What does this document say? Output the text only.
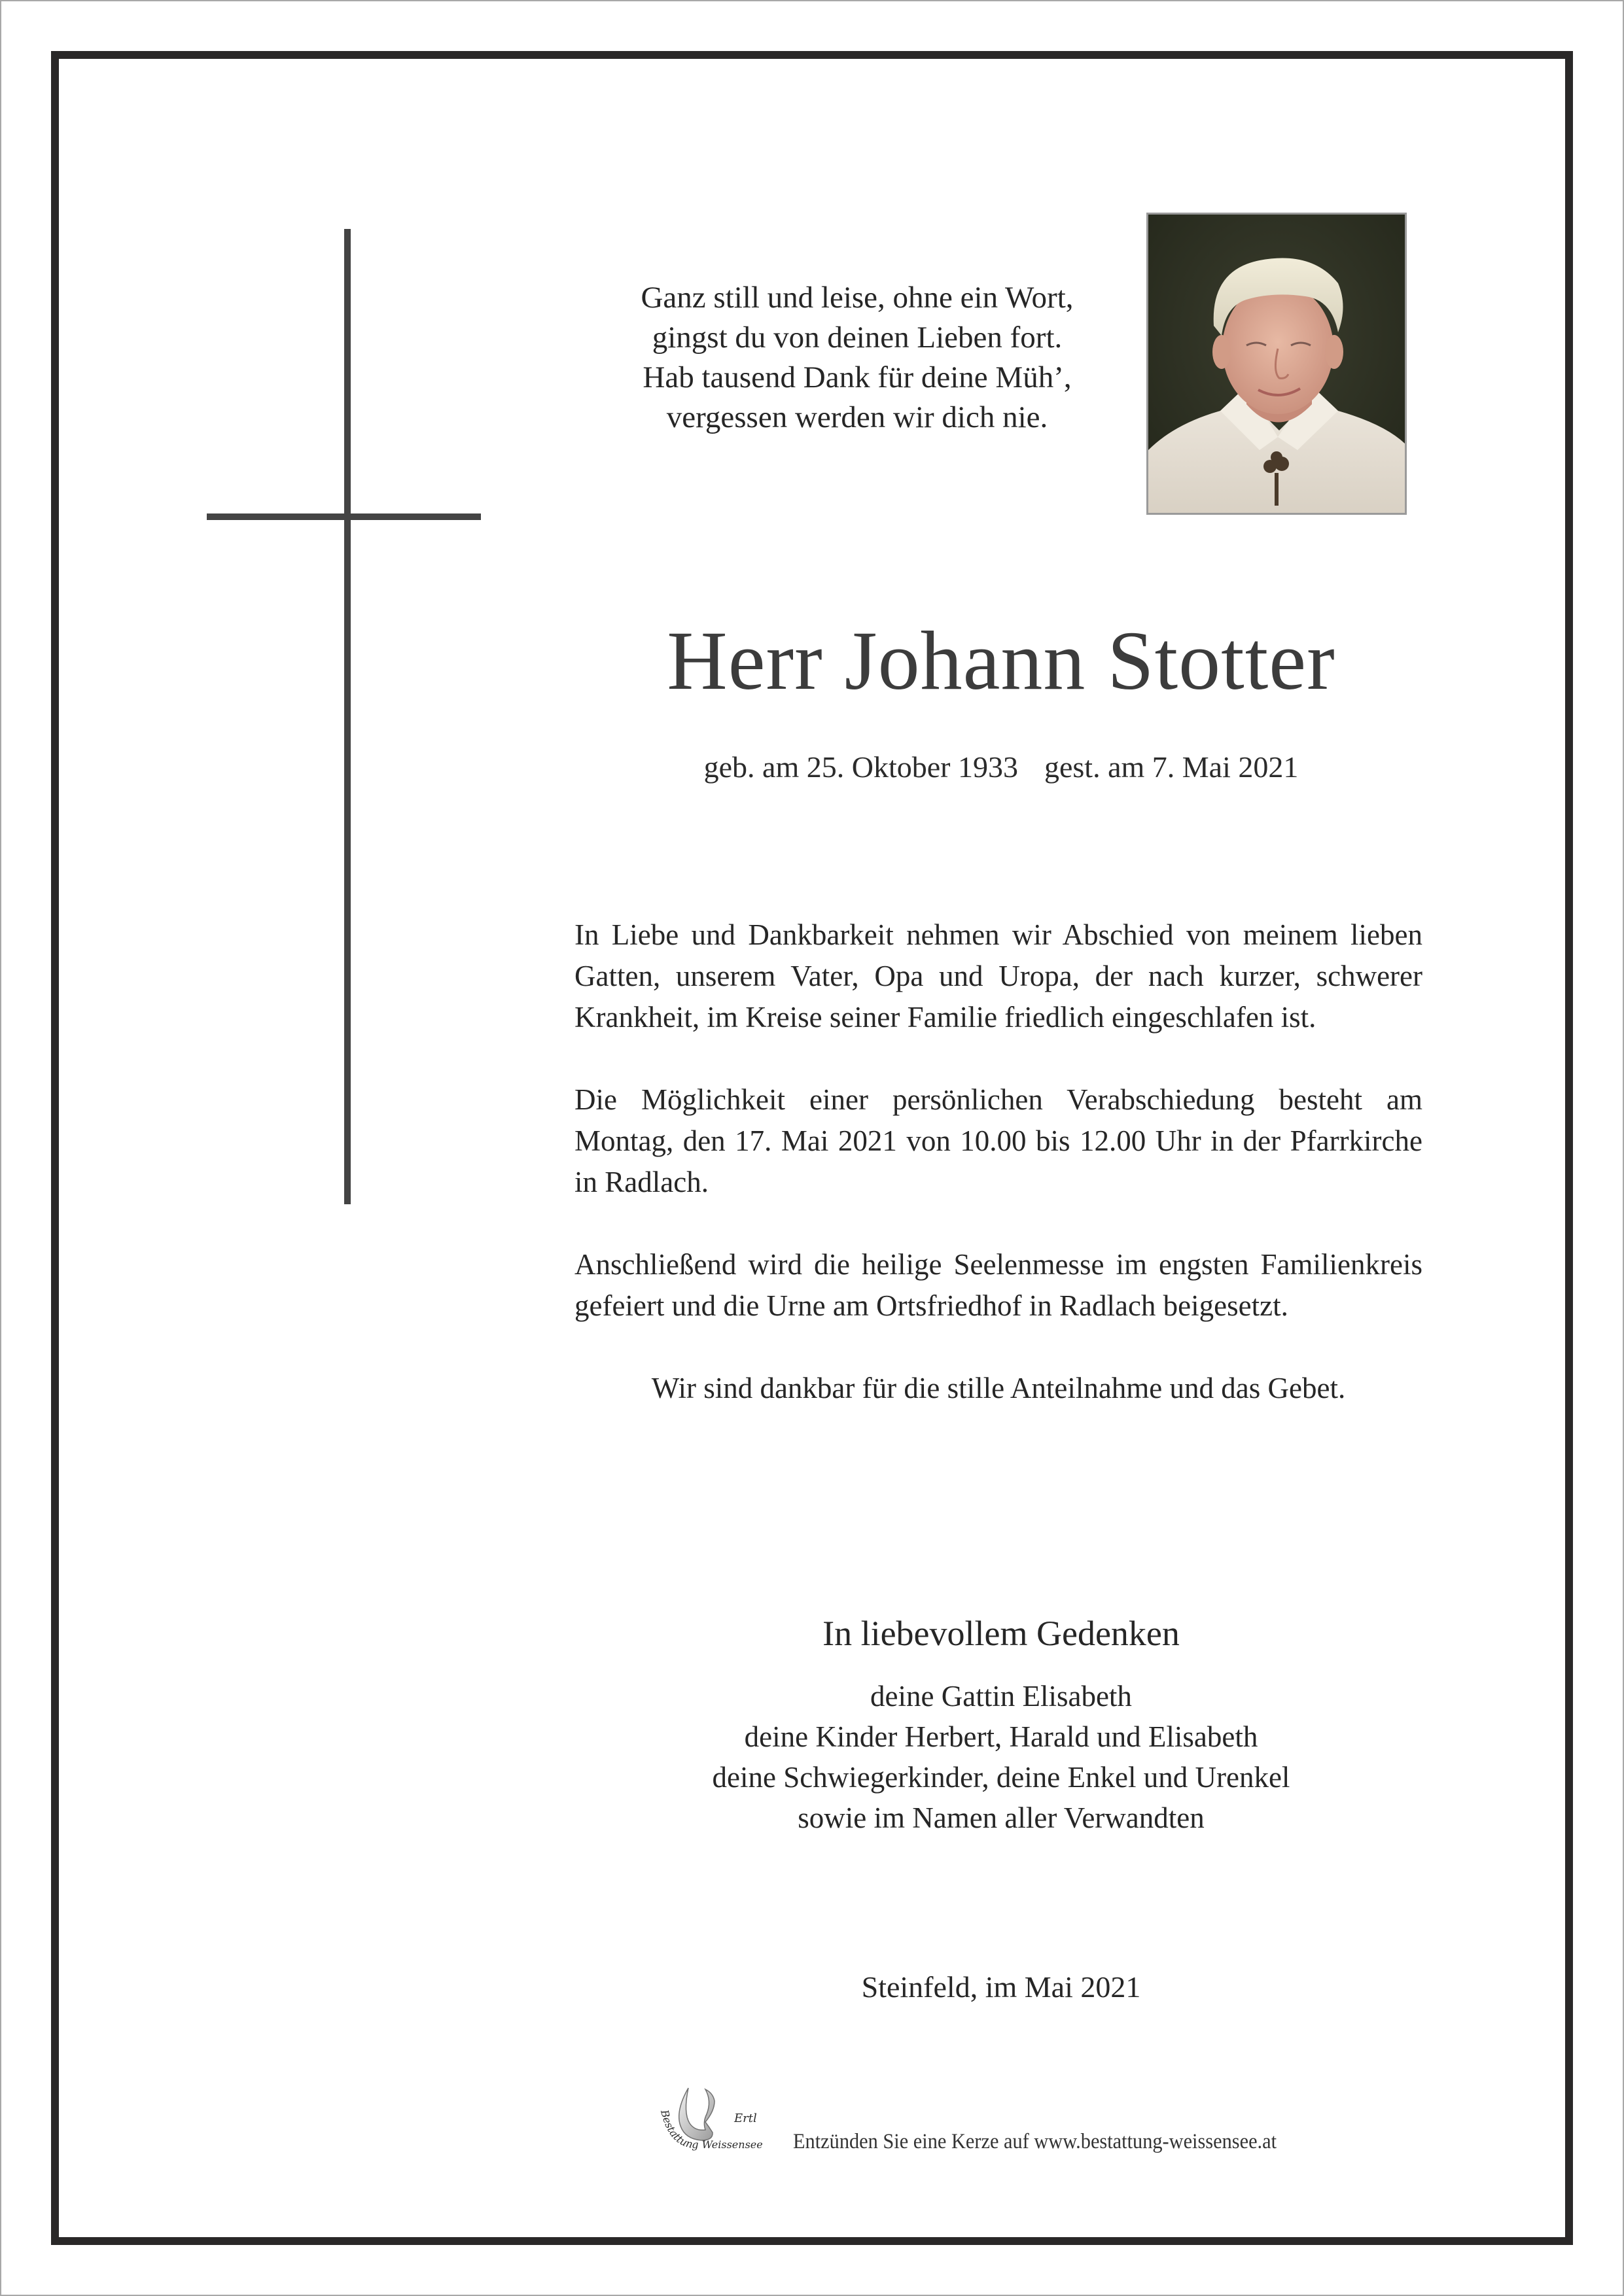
Ganz still und leise, ohne ein Wort,
gingst du von deinen Lieben fort.
Hab tausend Dank für deine Müh’,
vergessen werden wir dich nie.
Herr Johann Stotter
geb. am 25. Oktober 1933 gest. am 7. Mai 2021

In Liebe und Dankbarkeit nehmen wir Abschied von meinem lieben Gatten, unserem Vater, Opa und Uropa, der nach kurzer, schwerer Krankheit, im Kreise seiner Familie friedlich eingeschlafen ist.

Die Möglichkeit einer persönlichen Verabschiedung besteht am Montag, den 17. Mai 2021 von 10.00 bis 12.00 Uhr in der Pfarrkirche in Radlach.

Anschließend wird die heilige Seelenmesse im engsten Familienkreis gefeiert und die Urne am Ortsfriedhof in Radlach beigesetzt.

Wir sind dankbar für die stille Anteilnahme und das Gebet.

In liebevollem Gedenken
deine Gattin Elisabeth
deine Kinder Herbert, Harald und Elisabeth
deine Schwiegerkinder, deine Enkel und Urenkel
sowie im Namen aller Verwandten
Steinfeld, im Mai 2021
Ertl
Bestattung Weissensee Entzünden Sie eine Kerze auf www.bestattung-weissensee.at
